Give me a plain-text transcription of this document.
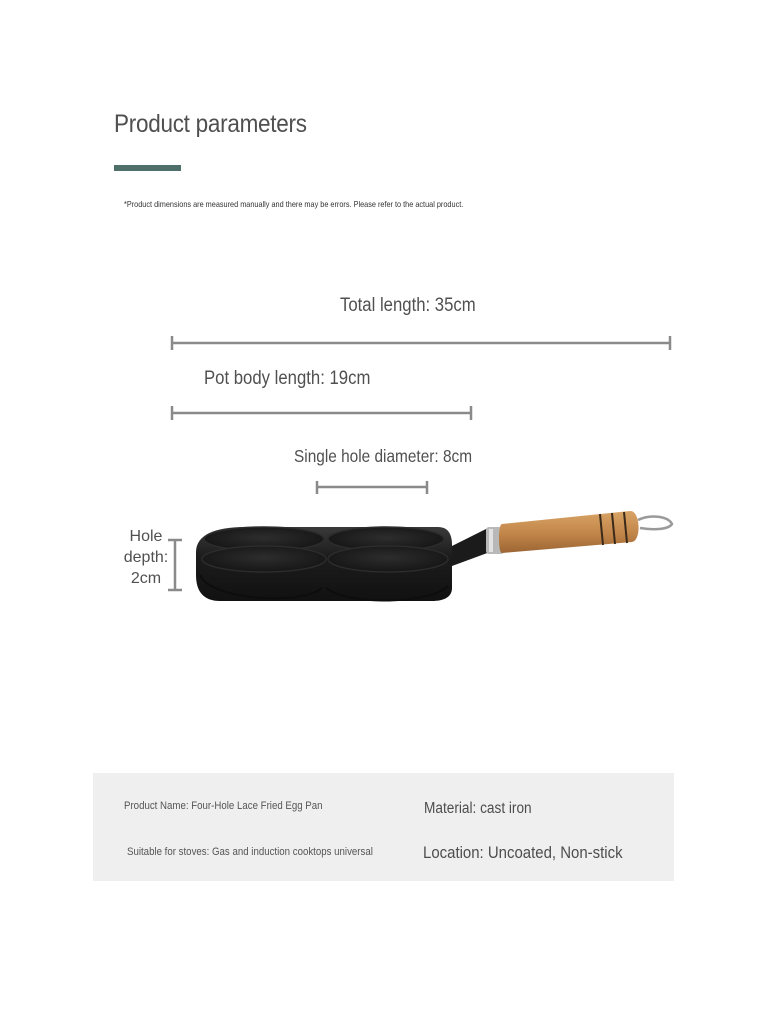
Product parameters
*Product dimensions are measured manually and there may be errors. Please refer to the actual product.
Total length: 35cm
Pot body length: 19cm
Single hole diameter: 8cm
Hole
depth:
2cm
Product Name: Four-Hole Lace Fried Egg Pan
Suitable for stoves: Gas and induction cooktops universal
Material: cast iron
Location: Uncoated, Non-stick
